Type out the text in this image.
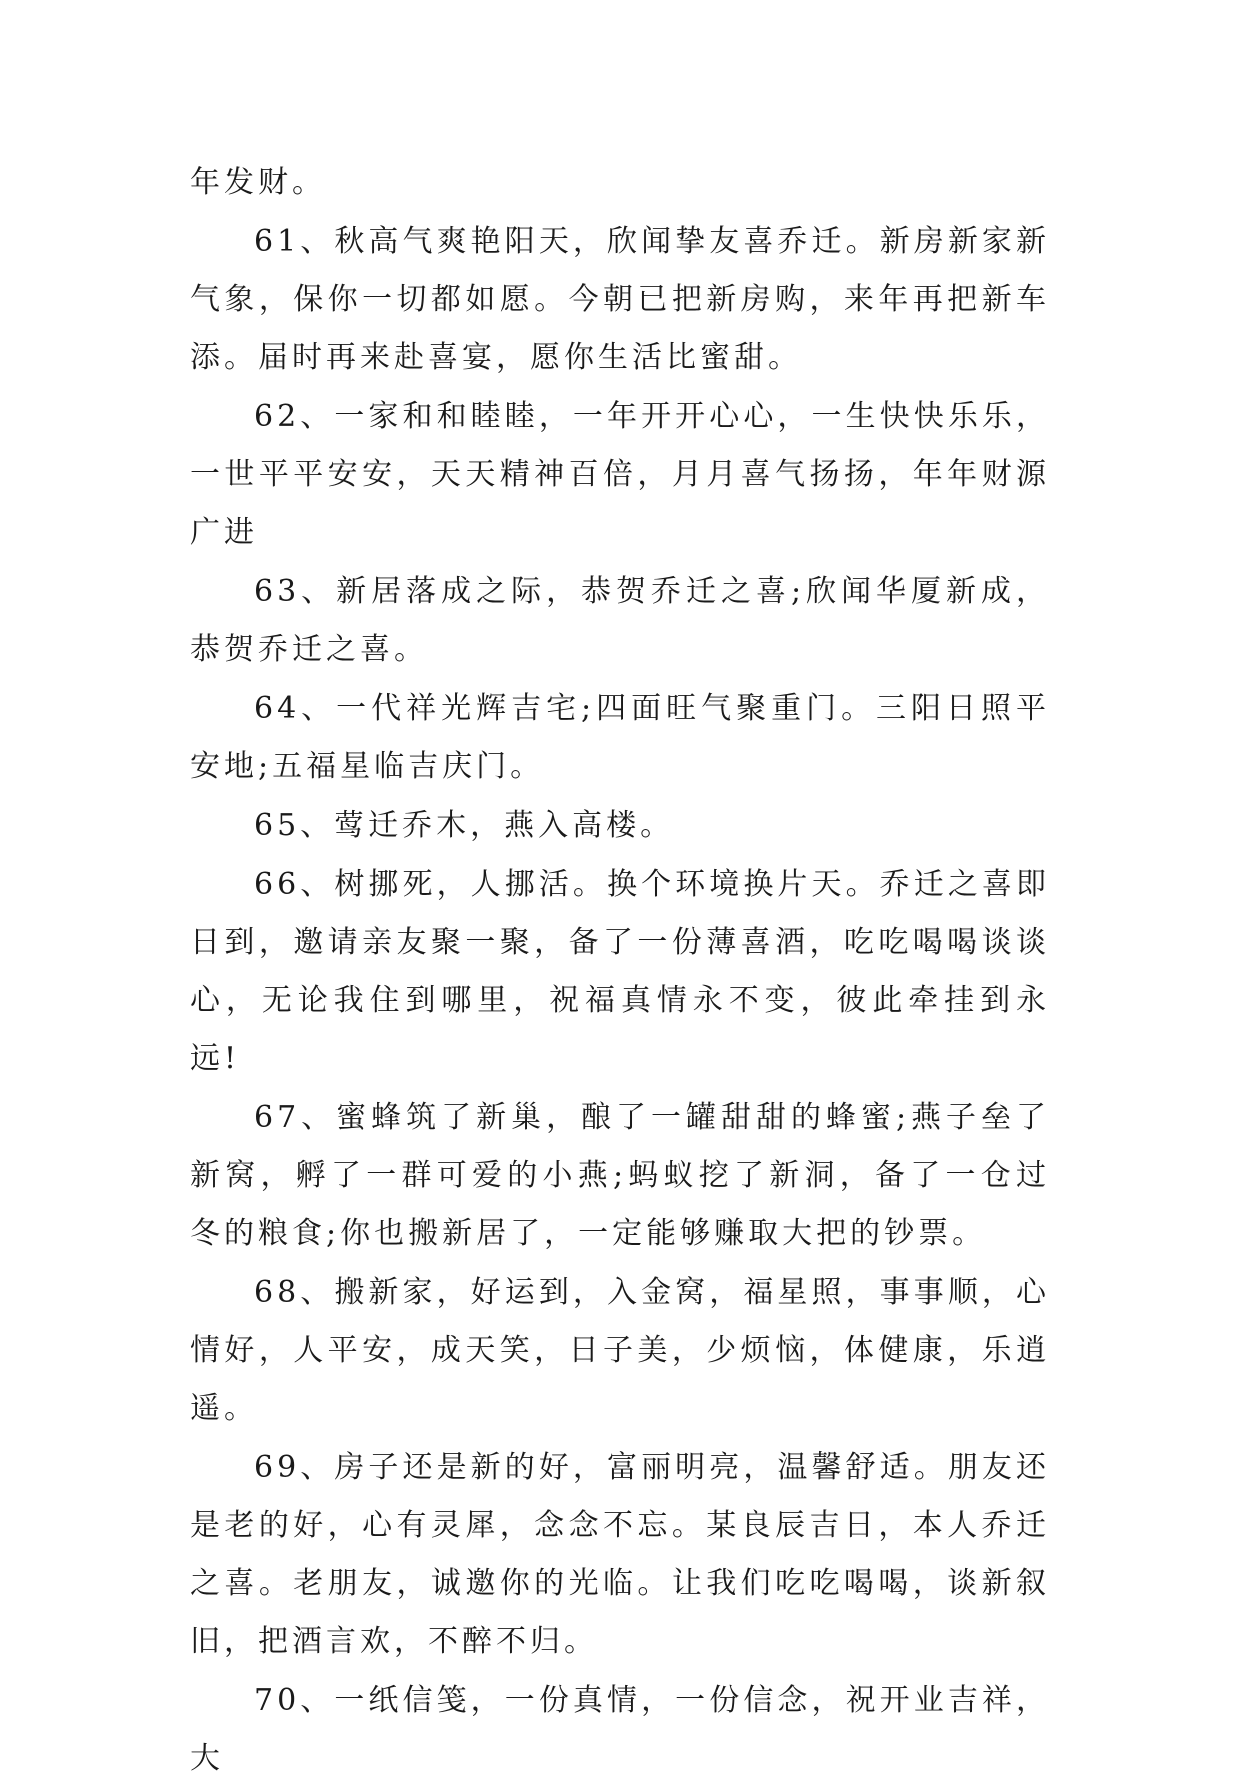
年发财。

61、秋高气爽艳阳天，欣闻挚友喜乔迁。新房新家新气象，保你一切都如愿。今朝已把新房购，来年再把新车添。届时再来赴喜宴，愿你生活比蜜甜。

62、一家和和睦睦，一年开开心心，一生快快乐乐，一世平平安安，天天精神百倍，月月喜气扬扬，年年财源广进

63、新居落成之际，恭贺乔迁之喜;欣闻华厦新成，恭贺乔迁之喜。

64、一代祥光辉吉宅;四面旺气聚重门。三阳日照平安地;五福星临吉庆门。

65、莺迁乔木，燕入高楼。

66、树挪死，人挪活。换个环境换片天。乔迁之喜即日到，邀请亲友聚一聚，备了一份薄喜酒，吃吃喝喝谈谈心，无论我住到哪里，祝福真情永不变，彼此牵挂到永远!

67、蜜蜂筑了新巢，酿了一罐甜甜的蜂蜜;燕子垒了新窝，孵了一群可爱的小燕;蚂蚁挖了新洞，备了一仓过冬的粮食;你也搬新居了，一定能够赚取大把的钞票。

68、搬新家，好运到，入金窝，福星照，事事顺，心情好，人平安，成天笑，日子美，少烦恼，体健康，乐逍遥。

69、房子还是新的好，富丽明亮，温馨舒适。朋友还是老的好，心有灵犀，念念不忘。某良辰吉日，本人乔迁之喜。老朋友，诚邀你的光临。让我们吃吃喝喝，谈新叙旧，把酒言欢，不醉不归。

70、一纸信笺，一份真情，一份信念，祝开业吉祥，大
